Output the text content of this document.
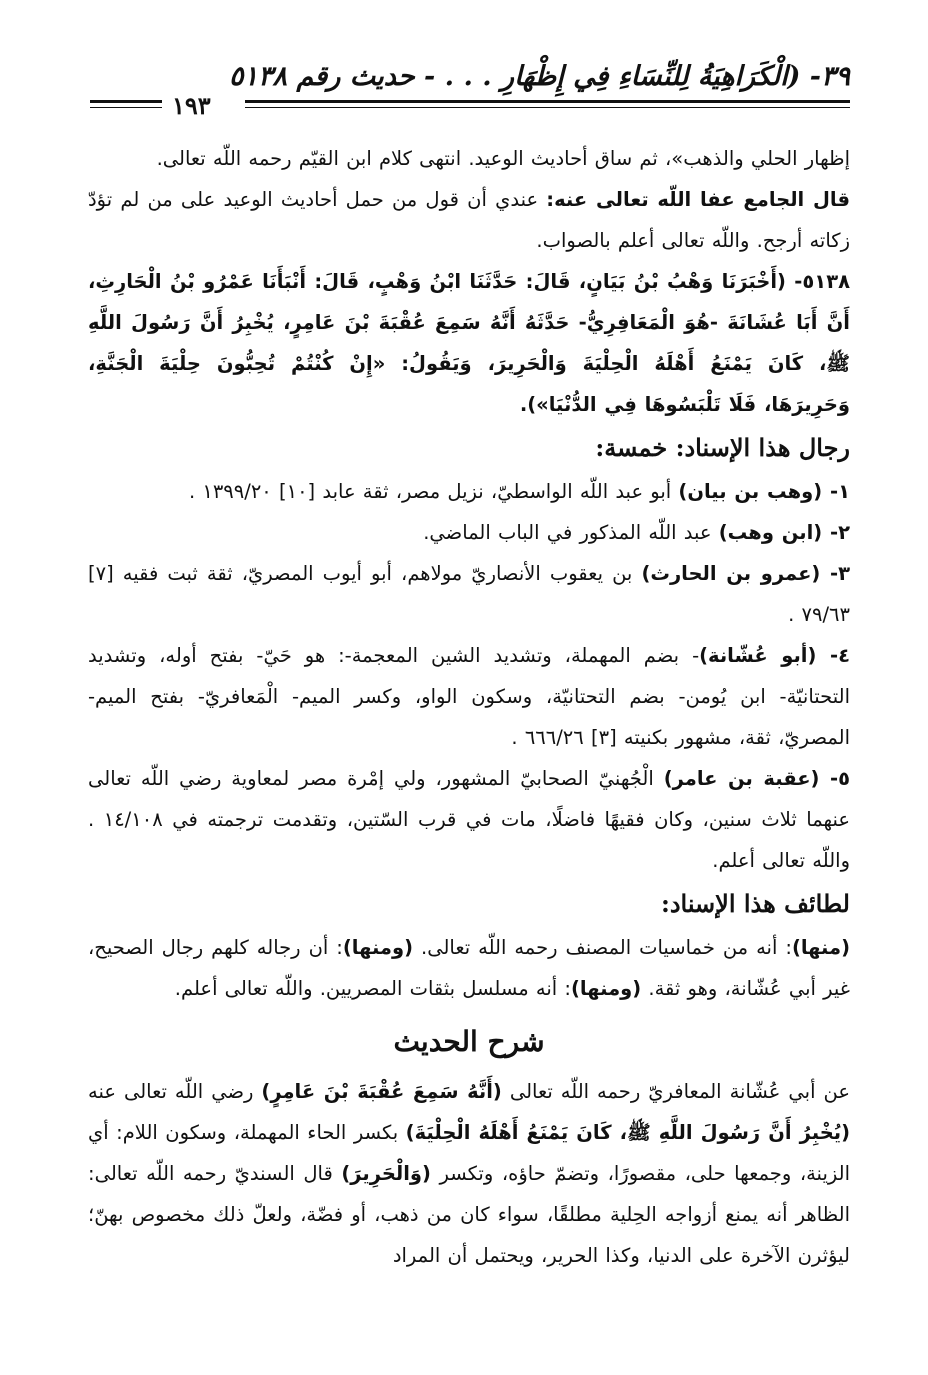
٣٩- (الْكَرَاهِيَةُ لِلنِّسَاءِ فِي إِظْهَارِ . . . - حديث رقم ٥١٣٨
١٩٣

إظهار الحلي والذهب»، ثم ساق أحاديث الوعيد. انتهى كلام ابن القيّم رحمه اللّه تعالى.

قال الجامع عفا اللّه تعالى عنه: عندي أن قول من حمل أحاديث الوعيد على من لم تؤدّ زكاته أرجح. واللّه تعالى أعلم بالصواب.

٥١٣٨- (أَخْبَرَنَا وَهْبُ بْنُ بَيَانٍ، قَالَ: حَدَّثَنَا ابْنُ وَهْبٍ، قَالَ: أَنْبَأَنَا عَمْرُو بْنُ الْحَارِثِ، أَنَّ أَبَا عُشَانَةَ -هُوَ الْمَعَافِرِيُّ- حَدَّثَهُ أَنَّهُ سَمِعَ عُقْبَةَ بْنَ عَامِرٍ، يُخْبِرُ أَنَّ رَسُولَ اللَّهِ ﷺ، كَانَ يَمْنَعُ أَهْلَهُ الْحِلْيَةَ وَالْحَرِيرَ، وَيَقُولُ: «إِنْ كُنْتُمْ تُحِبُّونَ حِلْيَةَ الْجَنَّةِ، وَحَرِيرَهَا، فَلَا تَلْبَسُوهَا فِي الدُّنْيَا»).

رجال هذا الإسناد: خمسة:

١- (وهب بن بيان) أبو عبد اللّه الواسطيّ، نزيل مصر، ثقة عابد [١٠] ١٣٩٩/٢٠ .

٢- (ابن وهب) عبد اللّه المذكور في الباب الماضي.

٣- (عمرو بن الحارث) بن يعقوب الأنصاريّ مولاهم، أبو أيوب المصريّ، ثقة ثبت فقيه [٧] ٧٩/٦٣ .

٤- (أبو عُشّانة)- بضم المهملة، وتشديد الشين المعجمة-: هو حَيّ- بفتح أوله، وتشديد التحتانيّة- ابن يُومن- بضم التحتانيّة، وسكون الواو، وكسر الميم- الْمَعافريّ- بفتح الميم- المصريّ، ثقة، مشهور بكنيته [٣] ٦٦٦/٢٦ .

٥- (عقبة بن عامر) الْجُهنيّ الصحابيّ المشهور، ولي إمْرة مصر لمعاوية رضي اللّه تعالى عنهما ثلاث سنين، وكان فقيهًا فاضلًا، مات في قرب السّتين، وتقدمت ترجمته في ١٤/١٠٨ . واللّه تعالى أعلم.

لطائف هذا الإسناد:

(منها): أنه من خماسيات المصنف رحمه اللّه تعالى. (ومنها): أن رجاله كلهم رجال الصحيح، غير أبي عُشّانة، وهو ثقة. (ومنها): أنه مسلسل بثقات المصريين. واللّه تعالى أعلم.

شرح الحديث

عن أبي عُشّانة المعافريّ رحمه اللّه تعالى (أَنَّهُ سَمِعَ عُقْبَةَ بْنَ عَامِرٍ) رضي اللّه تعالى عنه (يُخْبِرُ أَنَّ رَسُولَ اللَّهِ ﷺ، كَانَ يَمْنَعُ أَهْلَهُ الْحِلْيَةَ) بكسر الحاء المهملة، وسكون اللام: أي الزينة، وجمعها حلى، مقصورًا، وتضمّ حاؤه، وتكسر (وَالْحَرِيرَ) قال السنديّ رحمه اللّه تعالى: الظاهر أنه يمنع أزواجه الحِلية مطلقًا، سواء كان من ذهب، أو فضّة، ولعلّ ذلك مخصوص بهنّ؛ ليؤثرن الآخرة على الدنيا، وكذا الحرير، ويحتمل أن المراد
